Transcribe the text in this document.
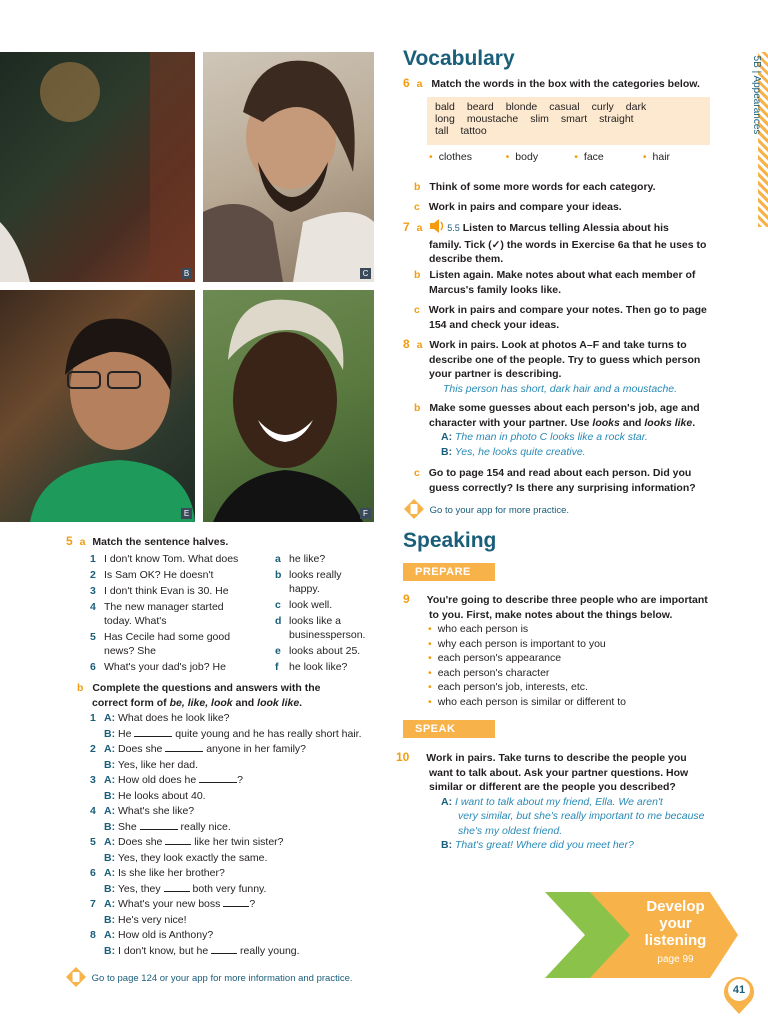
B	C
E	F
5B | Appearances
Vocabulary
6 a Match the words in the box with the categories below.
bald beard blonde casual curly dark
long moustache slim smart straight
tall tattoo
• clothes	• body	• face	• hair
b Think of some more words for each category.
c Work in pairs and compare your ideas.
7 a	5.5 Listen to Marcus telling Alessia about his
family. Tick (✓) the words in Exercise 6a that he uses to
describe them.
b Listen again. Make notes about what each member of
Marcus's family looks like.
c Work in pairs and compare your notes. Then go to page
154 and check your ideas.
8 a Work in pairs. Look at photos A–F and take turns to
describe one of the people. Try to guess which person
your partner is describing.
This person has short, dark hair and a moustache.
b Make some guesses about each person's job, age and
character with your partner. Use looks and looks like.
A: The man in photo C looks like a rock star.
B: Yes, he looks quite creative.
c Go to page 154 and read about each person. Did you
guess correctly? Is there any surprising information?
Go to your app for more practice.
Speaking
PREPARE
9 You're going to describe three people who are important
to you. First, make notes about the things below.
• who each person is
• why each person is important to you
• each person's appearance
• each person's character
• each person's job, interests, etc.
• who each person is similar or different to
SPEAK
10 Work in pairs. Take turns to describe the people you
want to talk about. Ask your partner questions. How
similar or different are the people you described?
A: I want to talk about my friend, Ella. We aren't
very similar, but she's really important to me because
she's my oldest friend.
B: That's great! Where did you meet her?
Develop
your
listening
page 99
41
5 a Match the sentence halves.
1 I don't know Tom. What does
2 Is Sam OK? He doesn't
3 I don't think Evan is 30. He
4 The new manager started
today. What's
5 Has Cecile had some good
news? She
6 What's your dad's job? He
a he like?
b looks really
happy.
c look well.
d looks like a
businessperson.
e looks about 25.
f he look like?
b Complete the questions and answers with the
correct form of be, like, look and look like.
1 A: What does he look like?
B: He	quite young and he has really short hair.
2 A: Does she	anyone in her family?
B: Yes, like her dad.
3 A: How old does he	?
B: He looks about 40.
4 A: What's she like?
B: She	really nice.
5 A: Does she	like her twin sister?
B: Yes, they look exactly the same.
6 A: Is she like her brother?
B: Yes, they	both very funny.
7 A: What's your new boss	?
B: He's very nice!
8 A: How old is Anthony?
B: I don't know, but he	really young.
Go to page 124 or your app for more information and practice.
